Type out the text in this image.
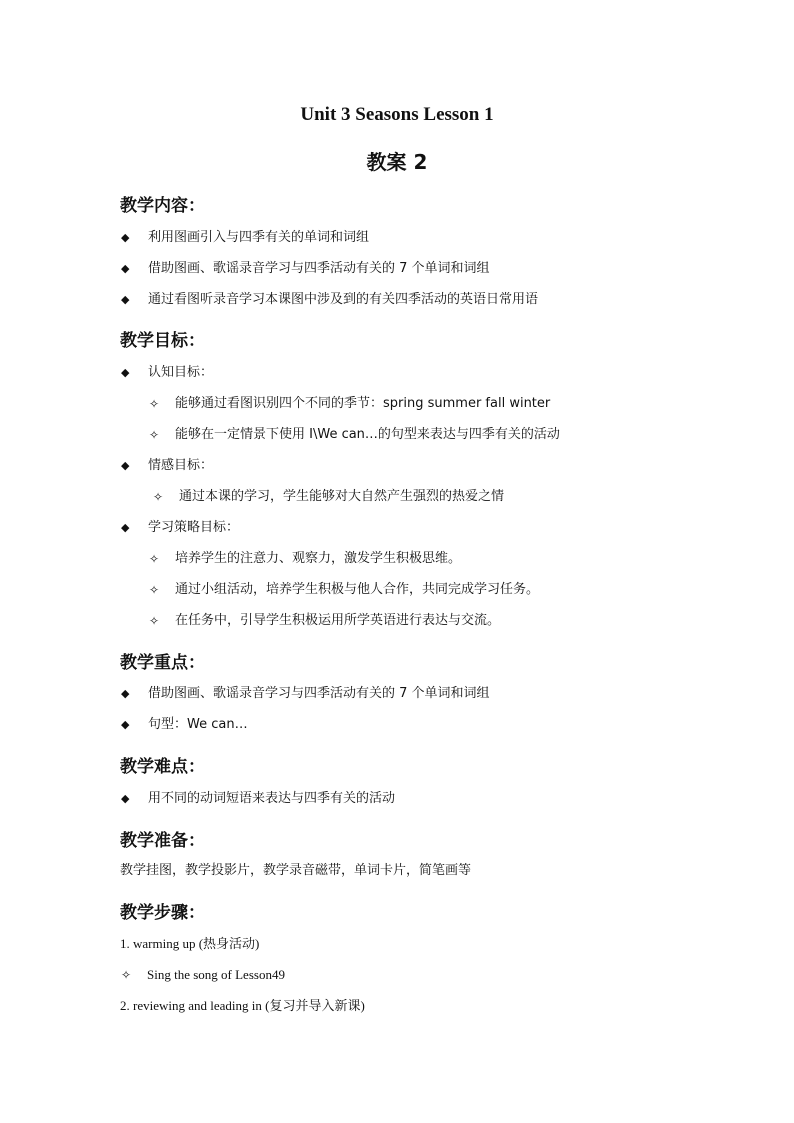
Unit 3 Seasons Lesson 1
教案 2
教学内容：
◆ 利用图画引入与四季有关的单词和词组
◆ 借助图画、歌谣录音学习与四季活动有关的 7 个单词和词组
◆ 通过看图听录音学习本课图中涉及到的有关四季活动的英语日常用语
教学目标：
◆ 认知目标：
✧ 能够通过看图识别四个不同的季节：spring summer fall winter
✧ 能够在一定情景下使用 I\We can…的句型来表达与四季有关的活动
◆ 情感目标：
✧ 通过本课的学习，学生能够对大自然产生强烈的热爱之情
◆ 学习策略目标：
✧ 培养学生的注意力、观察力，激发学生积极思维。
✧ 通过小组活动，培养学生积极与他人合作，共同完成学习任务。
✧ 在任务中，引导学生积极运用所学英语进行表达与交流。
教学重点：
◆ 借助图画、歌谣录音学习与四季活动有关的 7 个单词和词组
◆ 句型：We can…
教学难点：
◆ 用不同的动词短语来表达与四季有关的活动
教学准备：
教学挂图，教学投影片，教学录音磁带，单词卡片，简笔画等
教学步骤：
1. warming up (热身活动)
✧ Sing the song of Lesson49
2. reviewing and leading in (复习并导入新课)
